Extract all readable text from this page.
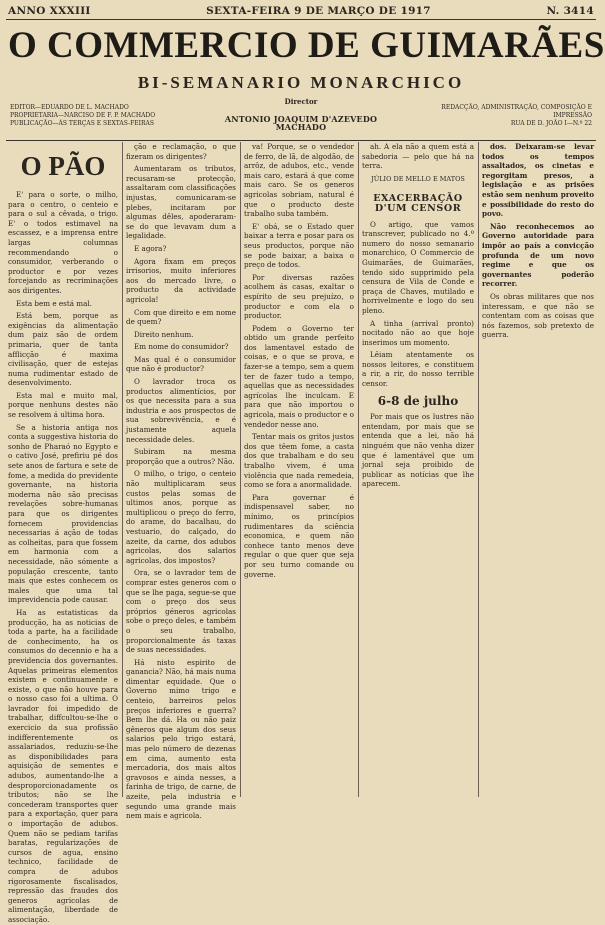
ANNO XXXIII	SEXTA-FEIRA 9 DE MARÇO DE 1917	N. 3414
O COMMERCIO DE GUIMARÃES
BI-SEMANARIO MONARCHICO
EDITOR—EDUARDO DE L. MACHADO
PROPRIETARIA—NARCISO DE F. P. MACHADO
PUBLICAÇÃO—ÁS TERÇAS E SEXTAS-FEIRAS
Director
ANTONIO JOAQUIM D'AZEVEDO MACHADO
REDACÇÃO, ADMINISTRAÇÃO, COMPOSIÇÃO E
IMPRESSÃO
RUA DE D. JOÃO I—N.º 22
O PÃO

E' para o sorte, o milho, para o centro, o centeio e para o sul a cêvada, o trigo. E' o todos estimavel na escassez, e a imprensa entre largas columnas recommendando o consumidor, verberando o productor e por vezes forcejando as recriminações aos dirigentes.

Esta bem e está mal.

Está bem, porque as exigências da alimentação dum paiz são de ordem primaria, quer de tanta afflicção é maxima civilisação, quer de estejas numa rudimentar estado de desenvolvimento.

Esta mal e muito mal, porque nenhuns destes não se resolvem á ultima hora.

Se a historia antiga nos conta a suggestiva historia do sonho de Pharaó no Egypto e o cativo José, prefiriu pé dos sete anos de fartura e sete de fome, a medida do previdente governante, na historia moderna não são precisas revelações sobre-humanas para que os dirigentes fornecem providencias necessarias á ação de todas as colheitas, para que fossem em harmonia com a necessidade, não sómente a população crescente, tanto mais que estes conhecem os males que uma tal imprevidencia pode causar.

Ha as estatisticas da producção, ha as noticias de toda a parte, ha a facilidade de conhecimento, ha os consumos do decennio e ha a previdencia dos governantes. Aquelas primeiras elementos existem e continuamente e existe, o que não houve para o nosso caso foi a ultima. O lavrador foi impedido de trabalhar, diffcultou-se-lhe o exercicio da sua profissão indifferentemente os assalariados, reduziu-se-lhe as disponibilidades para aquisição de sementes e adubos, aumentando-lhe a desproporcionadamente os tributos; não se lhe concederam transportes quer para a exportação, quer para o importação de adubos. Quem não se pediam tarifas baratas, regularizações de cursos de agua, ensino technico, facilidade de compra de adubos rigorosamente fiscalisados, repressão das fraudes dos generos agricolas de alimentação, liberdade de associação.

ção e reclamação, o que fizeram os dirigentes?

Aumentaram os tributos, recusaram-se protecção, assaltaram com classificações injustas, comunicaram-se plebes, incitaram por algumas dêles, apoderaram-se do que levavam dum a legalidade.

E agora?

Agora fixam em preços irrisorios, muito inferiores aos do mercado livre, o producto da actividade agricola!

Com que direito e em nome de quem?

Direito nenhum.

Em nome do consumidor?

Mas qual é o consumidor que não é productor?

O lavrador troca os productos alimentícios, por os que necessita para a sua industria e aos prospectos de sua sobrevivência, e é justamente aquela necessidade deles.

Subiram na mesma proporção que a outros? Não.

O milho, o trigo, o centeio não multiplicaram seus custos pelas somas de ultimos anos, porque as multiplicou o preço do ferro, do arame, do bacalhau, do vestuario, do calçado, do azeite, da carne, dos adubos agricolas, dos salarios agricolas, dos impostos?

Ora, se o lavrador tem de comprar estes generos com o que se lhe paga, segue-se que com o preço dos seus próprios géneros agricolas sobe o preço deles, e também o seu trabalho, proporcionalmente ás taxas de suas necessidades.

Há nisto espirito de ganancia? Não, há mais numa dimentar equidade. Que o Governo mimo trigo e centeio, barreiros pelos preços inferiores e guerra? Bem lhe dá. Ha ou não paiz gêneros que algum dos seus salarios pelo trigo estará, mas pelo número de dezenas em cima, aumento esta mercadoria, dos mais altos gravosos e ainda nesses, a farinha de trigo, de carne, de azeite, pela industria e segundo uma grande mais nem mais e agricola.

va! Porque, se o vendedor de ferro, de lã, de algodão, de arrôz, de adubos, etc., vende mais caro, estará á que come mais caro. Se os generos agricolas sobriam, natural é que o producto deste trabalho suba também.

E' obá, se o Estado quer baixar a terra e posar para os seus productos, porque não se pode baixar, a baixa o preço de todos.

Por diversas razões acolhem ás casas, exaltar o espírito de seu prejuízo, o productor e com ela o productor.

Podem o Governo ter obtido um grande perfeito dos lamentavel estado de coisas, e o que se prova, e fazer-se a tempo, sem a quem ter de fazer tudo a tempo, aquellas que as necessidades agrícolas lhe inculcam. E para que não importou o agricola, mais o productor e o vendedor nesse ano.

Tentar mais os gritos justos dos que têem fome, a casta dos que trabalham e do seu trabalho vivem, é uma violência que nada remedeia, como se fora a anormalidade.

Para governar é indispensavel saber, no mínimo, os princípios rudimentares da sciência economica, e quem não conhece tanto menos deve regular o que quer que seja por seu turno comande ou governe.

ah. A ela não a quem está a sabedoria — pelo que há na terra.

JÚLIO DE MELLO E MATOS
EXACERBAÇÃO D'UM CENSOR

O artigo, que vamos transcrever, publicado no 4.º numero do nosso semanario monarchico, O Commercio de Guimarães, de Guimarães, tendo sido supprimido pela censura de Vila de Conde e praça de Chaves, mutilado e horrivelmente e logo do seu pleno.

A tinha (arrival pronto) nocitado não ao que hoje inserimos um momento.

Lêiam atentamente os nossos leitores, e constituem a rir, a rir, do nosso terrible censor.

6-8 de julho

Por mais que os lustres não entendam, por mais que se entenda que a lei, não há ninguém que não venha dizer que é lamentável que um jornal seja proibido de publicar as notícias que lhe aparecem.

dos. Deixaram-se levar todos os tempos assaltados, os cinetas e regorgitam presos, a legislação e as prisões estão sem nenhum proveito e possibilidade do resto do povo.

Não reconhecemos ao Governo autoridade para impôr ao país a convicção profunda de um novo regime e que os governantes poderão recorrer.

Os obras militares que nos interessam, e que não se contentam com as coisas que nós fazemos, sob pretexto de guerra.
